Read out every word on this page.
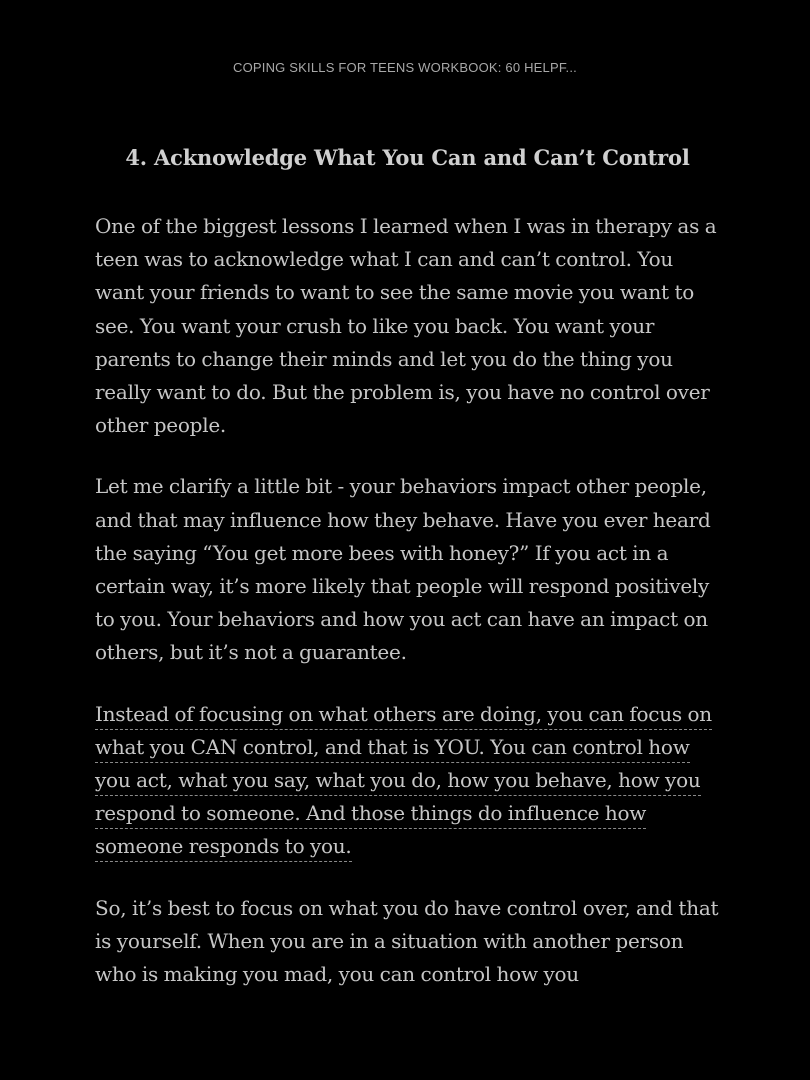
COPING SKILLS FOR TEENS WORKBOOK: 60 HELPF...
4. Acknowledge What You Can and Can’t Control

One of the biggest lessons I learned when I was in therapy as a teen was to acknowledge what I can and can’t control. You want your friends to want to see the same movie you want to see. You want your crush to like you back. You want your parents to change their minds and let you do the thing you really want to do. But the problem is, you have no control over other people.

Let me clarify a little bit - your behaviors impact other people, and that may influence how they behave. Have you ever heard the saying “You get more bees with honey?” If you act in a certain way, it’s more likely that people will respond positively to you. Your behaviors and how you act can have an impact on others, but it’s not a guarantee.

Instead of focusing on what others are doing, you can focus on what you CAN control, and that is YOU. You can control how you act, what you say, what you do, how you behave, how you respond to someone. And those things do influence how someone responds to you.

So, it’s best to focus on what you do have control over, and that is yourself. When you are in a situation with another person who is making you mad, you can control how you
